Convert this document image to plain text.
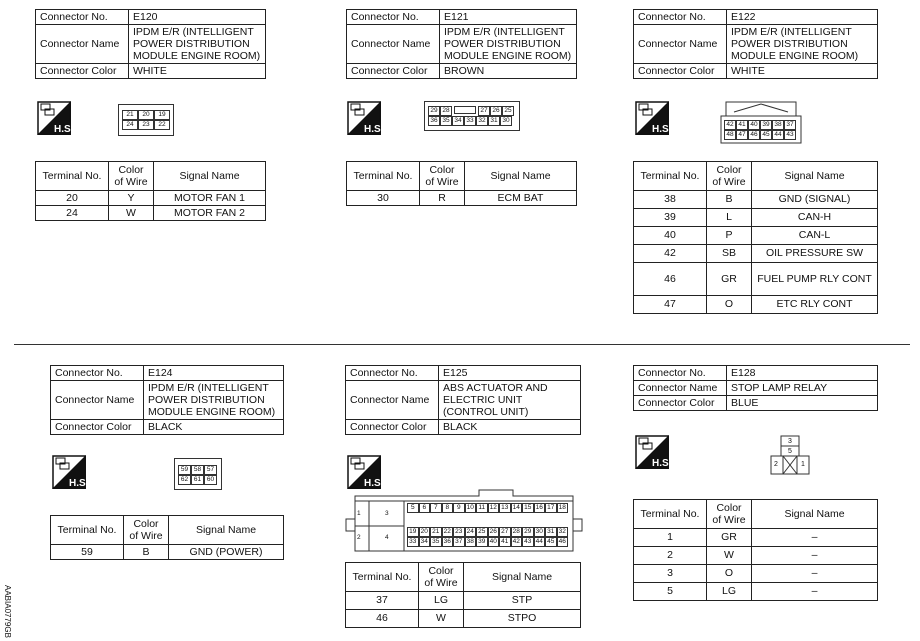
Connector No.	E120
Connector Name	IPDM E/R (INTELLIGENT POWER DISTRIBUTION MODULE ENGINE ROOM)
Connector Color	WHITE
H.S.
21	20	19
24	23	22
Terminal No.	Color of Wire	Signal Name
20	Y	MOTOR FAN 1
24	W	MOTOR FAN 2
Connector No.	E121
Connector Name	IPDM E/R (INTELLIGENT POWER DISTRIBUTION MODULE ENGINE ROOM)
Connector Color	BROWN
H.S.
29 28	27 26 25
36 35 34 33 32 31 30
Terminal No.	Color of Wire	Signal Name
30	R	ECM BAT
Connector No.	E122
Connector Name	IPDM E/R (INTELLIGENT POWER DISTRIBUTION MODULE ENGINE ROOM)
Connector Color	WHITE
H.S.	42 41 40 39 38 37
48 47 46 45 44 43
Terminal No.	Color of Wire	Signal Name
38	B	GND (SIGNAL)
39	L	CAN-H
40	P	CAN-L
42	SB	OIL PRESSURE SW
46	GR	FUEL PUMP RLY CONT
47	O	ETC RLY CONT
Connector No.	E124
Connector Name	IPDM E/R (INTELLIGENT POWER DISTRIBUTION MODULE ENGINE ROOM)
Connector Color	BLACK
H.S.
59 58 57
62 61 60
Terminal No.	Color of Wire	Signal Name
59	B	GND (POWER)
Connector No.	E125
Connector Name	ABS ACTUATOR AND ELECTRIC UNIT (CONTROL UNIT)
Connector Color	BLACK
H.S.
1	3
2	4
5	6	7	8	9 10 11 12 13 14 15 16 17 18
19 20 21 22 23 24 25 26 27 28 29 30 31 32
33 34 35 36 37 38 39 40 41 42 43 44 45 46
Terminal No.	Color of Wire	Signal Name
37	LG	STP
46	W	STPO
Connector No.	E128
Connector Name	STOP LAMP RELAY
Connector Color	BLUE
H.S.
3
5
2	1
Terminal No.	Color of Wire	Signal Name
1	GR	–
2	W	–
3	O	–
5	LG	–
AABIA0779GB
